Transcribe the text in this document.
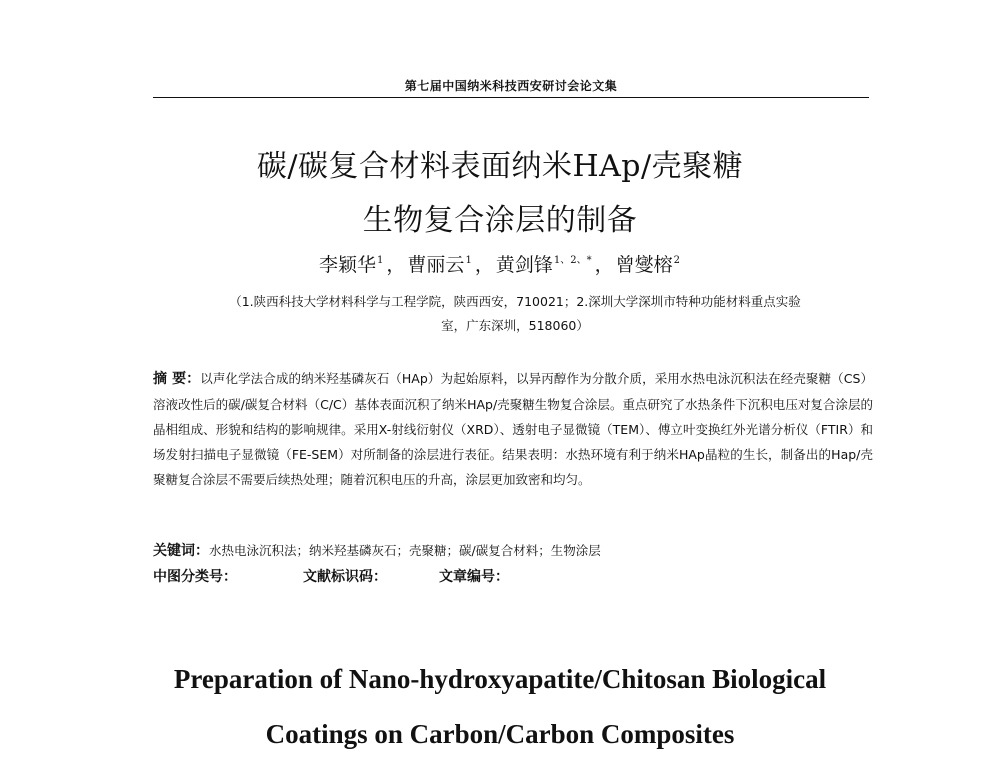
第七届中国纳米科技西安研讨会论文集
碳/碳复合材料表面纳米HAp/壳聚糖
生物复合涂层的制备
李颖华$^1$ ， 曹丽云$^1$ ， 黄剑锋$^{1、2、*}$ ， 曾燮榕$^2$
（1.陕西科技大学材料科学与工程学院，陕西西安，710021；2.深圳大学深圳市特种功能材料重点实验
室，广东深圳，518060）
摘 要：以声化学法合成的纳米羟基磷灰石（HAp）为起始原料，以异丙醇作为分散介质，采用水热电泳沉积法在经壳聚糖（CS）溶液改性后的碳/碳复合材料（C/C）基体表面沉积了纳米HAp/壳聚糖生物复合涂层。重点研究了水热条件下沉积电压对复合涂层的晶相组成、形貌和结构的影响规律。采用X-射线衍射仪（XRD）、透射电子显微镜（TEM）、傅立叶变换红外光谱分析仪（FTIR）和场发射扫描电子显微镜（FE-SEM）对所制备的涂层进行表征。结果表明：水热环境有利于纳米HAp晶粒的生长，制备出的Hap/壳聚糖复合涂层不需要后续热处理；随着沉积电压的升高，涂层更加致密和均匀。
关键词：水热电泳沉积法；纳米羟基磷灰石；壳聚糖；碳/碳复合材料；生物涂层
中图分类号：	文献标识码：	文章编号：
Preparation of Nano-hydroxyapatite/Chitosan Biological
Coatings on Carbon/Carbon Composites
